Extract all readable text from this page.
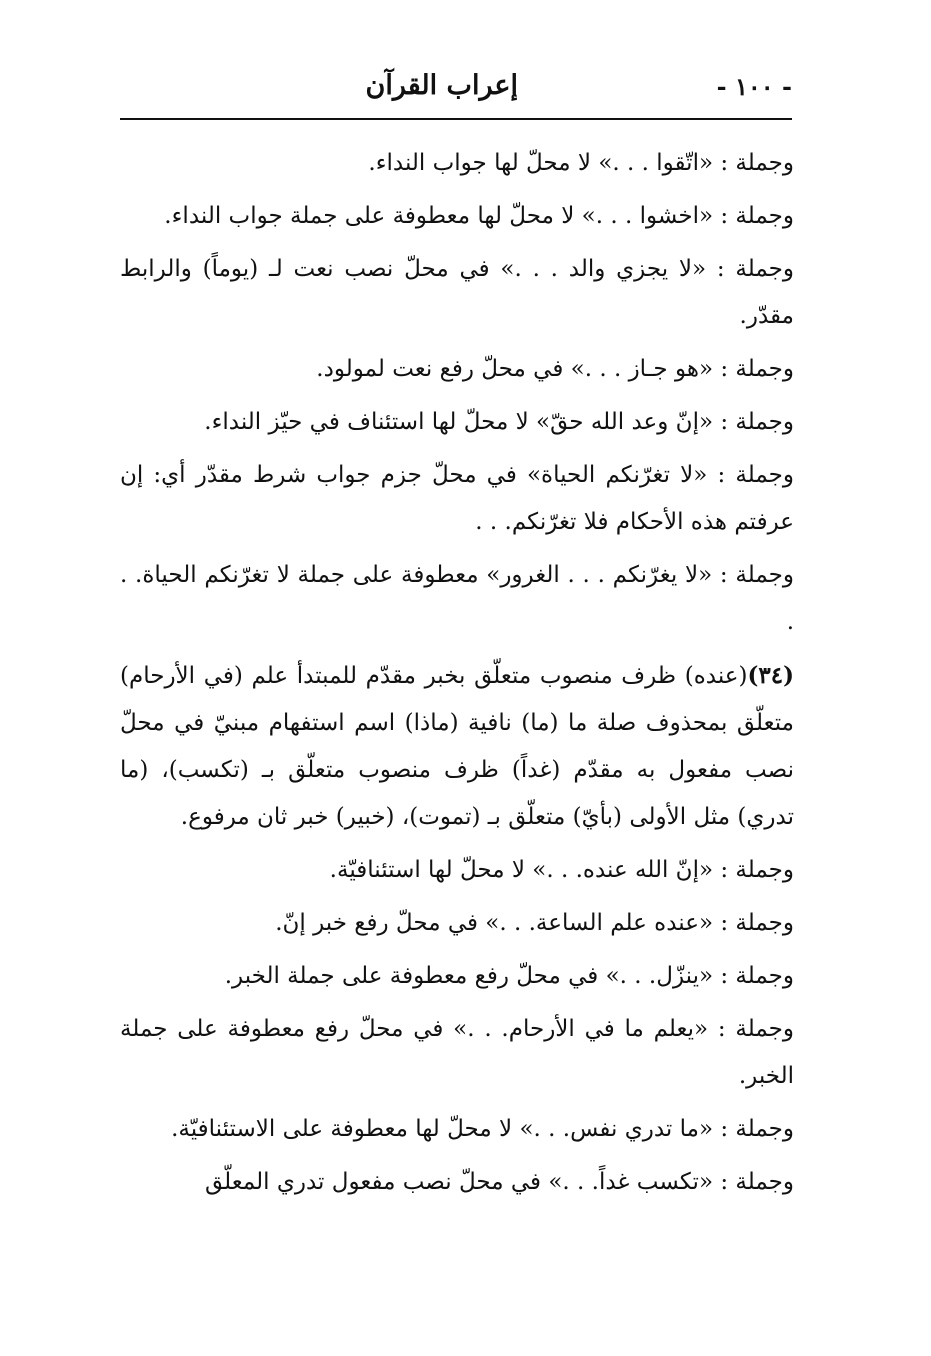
- ١٠٠ -
إعراب القرآن
وجملة : «اتّقوا . . .» لا محلّ لها جواب النداء.
وجملة : «اخشوا . . .» لا محلّ لها معطوفة على جملة جواب النداء.
وجملة : «لا يجزي والد . . .» في محلّ نصب نعت لـ (يوماً) والرابط مقدّر.
وجملة : «هو جـاز . . .» في محلّ رفع نعت لمولود.
وجملة : «إنّ وعد الله حقّ» لا محلّ لها استئناف في حيّز النداء.
وجملة : «لا تغرّنكم الحياة» في محلّ جزم جواب شرط مقدّر أي: إن عرفتم هذه الأحكام فلا تغرّنكم. . .
وجملة : «لا يغرّنكم . . . الغرور» معطوفة على جملة لا تغرّنكم الحياة. . .
(٣٤)(عنده) ظرف منصوب متعلّق بخبر مقدّم للمبتدأ علم (في الأرحام) متعلّق بمحذوف صلة ما (ما) نافية (ماذا) اسم استفهام مبنيّ في محلّ نصب مفعول به مقدّم (غداً) ظرف منصوب متعلّق بـ (تكسب)، (ما تدري) مثل الأولى (بأيّ) متعلّق بـ (تموت)، (خبير) خبر ثان مرفوع.
وجملة : «إنّ الله عنده. . .» لا محلّ لها استئنافيّة.
وجملة : «عنده علم الساعة. . .» في محلّ رفع خبر إنّ.
وجملة : «ينزّل. . .» في محلّ رفع معطوفة على جملة الخبر.
وجملة : «يعلم ما في الأرحام. . .» في محلّ رفع معطوفة على جملة الخبر.
وجملة : «ما تدري نفس. . .» لا محلّ لها معطوفة على الاستئنافيّة.
وجملة : «تكسب غداً. . .» في محلّ نصب مفعول تدري المعلّق
